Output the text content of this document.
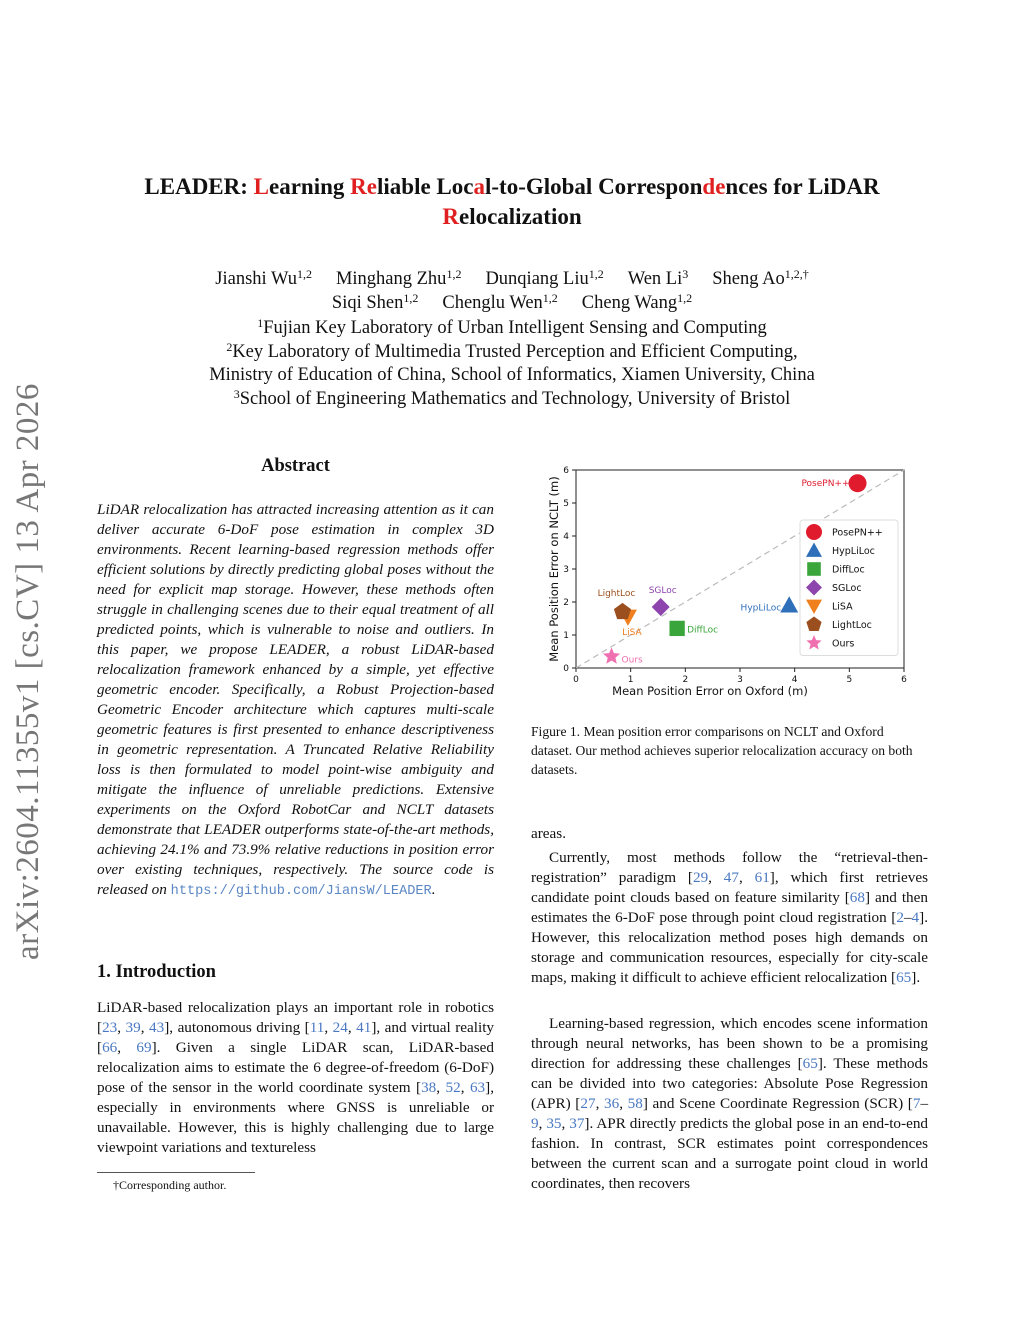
arXiv:2604.11355v1 [cs.CV] 13 Apr 2026
LEADER: Learning Reliable Local-to-Global Correspondences for LiDAR
Relocalization
Jianshi Wu$^{1,2}$ Minghang Zhu$^{1,2}$ Dunqiang Liu$^{1,2}$ Wen Li$^3$ Sheng $Ao^{1,2,\dagger}$
Siqi Shen$^{1,2}$ Chenglu Wen$^{1,2}$ Cheng Wang$^{1,2}$
$^1$Fujian Key Laboratory of Urban Intelligent Sensing and Computing
$^2$Key Laboratory of Multimedia Trusted Perception and Efficient Computing,
Ministry of Education of China, School of Informatics, Xiamen University, China
$^3$School of Engineering Mathematics and Technology, University of Bristol
Abstract

LiDAR relocalization has attracted increasing attention as it can deliver accurate 6-DoF pose estimation in complex 3D environments. Recent learning-based regression methods offer efficient solutions by directly predicting global poses without the need for explicit map storage. However, these methods often struggle in challenging scenes due to their equal treatment of all predicted points, which is vulnerable to noise and outliers. In this paper, we propose LEADER, a robust LiDAR-based relocalization framework enhanced by a simple, yet effective geometric encoder. Specifically, a Robust Projection-based Geometric Encoder architecture which captures multi-scale geometric features is first presented to enhance descriptiveness in geometric representation. A Truncated Relative Reliability loss is then formulated to model point-wise ambiguity and mitigate the influence of unreliable predictions. Extensive experiments on the Oxford RobotCar and NCLT datasets demonstrate that LEADER outperforms state-of-the-art methods, achieving 24.1% and 73.9% relative reductions in position error over existing techniques, respectively. The source code is released on https://github.com/JiansW/LEADER.

1. Introduction

LiDAR-based relocalization plays an important role in robotics [23, 39, 43], autonomous driving [11, 24, 41], and virtual reality [66, 69]. Given a single LiDAR scan, LiDAR-based relocalization aims to estimate the 6 degree-of-freedom (6-DoF) pose of the sensor in the world coordinate system [38, 52, 63], especially in environments where GNSS is unreliable or unavailable. However, this is highly challenging due to large viewpoint variations and textureless

†Corresponding author.
0	1	2	3	4	5	6
0
1
2
3
4
5
6
PosePN++
HypLiLoc
DiffLoc
SGLoc
LiSA
LightLoc
Ours
PosePN++
HypLiLoc
DiffLoc
SGLoc
LiSA
LightLoc
Ours
Mean Position Error on Oxford (m)
Mean Position Error on NCLT (m)

Figure 1. Mean position error comparisons on NCLT and Oxford dataset. Our method achieves superior relocalization accuracy on both datasets.

areas.

Currently, most methods follow the “retrieval-then-registration” paradigm [29, 47, 61], which first retrieves candidate point clouds based on feature similarity [68] and then estimates the 6-DoF pose through point cloud registration [2–4]. However, this relocalization method poses high demands on storage and communication resources, especially for city-scale maps, making it difficult to achieve efficient relocalization [65].

Learning-based regression, which encodes scene information through neural networks, has been shown to be a promising direction for addressing these challenges [65]. These methods can be divided into two categories: Absolute Pose Regression (APR) [27, 36, 58] and Scene Coordinate Regression (SCR) [7–9, 35, 37]. APR directly predicts the global pose in an end-to-end fashion. In contrast, SCR estimates point correspondences between the current scan and a surrogate point cloud in world coordinates, then recovers
